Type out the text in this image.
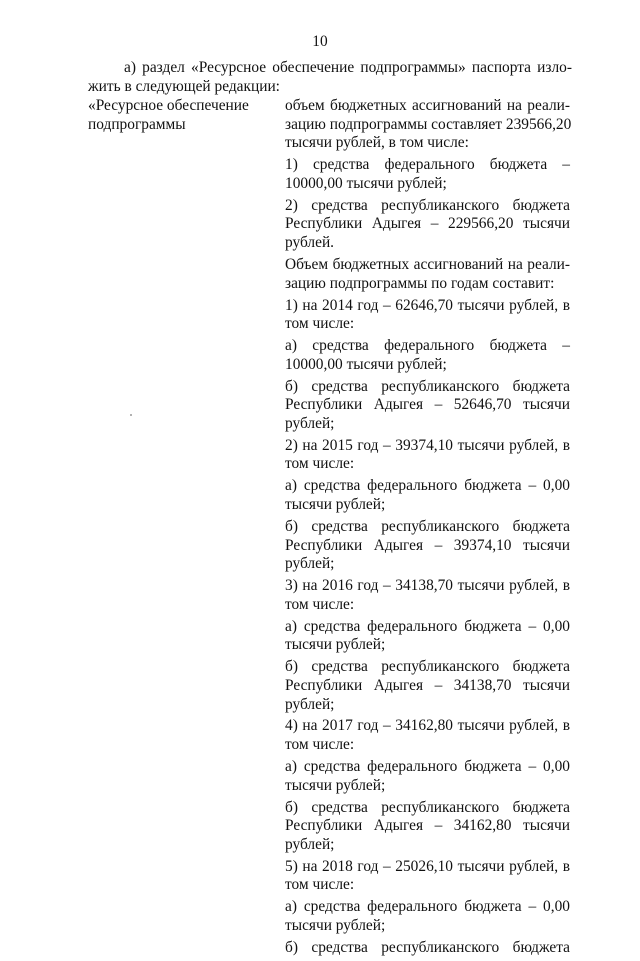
10
а) раздел «Ресурсное обеспечение подпрограммы» паспорта изло-
жить в следующей редакции:
«Ресурсное обеспечение
подпрограммы
объем бюджетных ассигнований на реали-
зацию подпрограммы составляет 239566,20
тысячи рублей, в том числе:
1) средства федерального бюджета –
10000,00 тысячи рублей;
2) средства республиканского бюджета
Республики Адыгея – 229566,20 тысячи
рублей.
Объем бюджетных ассигнований на реали-
зацию подпрограммы по годам составит:
1) на 2014 год – 62646,70 тысячи рублей, в
том числе:
а) средства федерального бюджета –
10000,00 тысячи рублей;
б) средства республиканского бюджета
Республики Адыгея – 52646,70 тысячи
рублей;
2) на 2015 год – 39374,10 тысячи рублей, в
том числе:
а) средства федерального бюджета – 0,00
тысячи рублей;
б) средства республиканского бюджета
Республики Адыгея – 39374,10 тысячи
рублей;
3) на 2016 год – 34138,70 тысячи рублей, в
том числе:
а) средства федерального бюджета – 0,00
тысячи рублей;
б) средства республиканского бюджета
Республики Адыгея – 34138,70 тысячи
рублей;
4) на 2017 год – 34162,80 тысячи рублей, в
том числе:
а) средства федерального бюджета – 0,00
тысячи рублей;
б) средства республиканского бюджета
Республики Адыгея – 34162,80 тысячи
рублей;
5) на 2018 год – 25026,10 тысячи рублей, в
том числе:
а) средства федерального бюджета – 0,00
тысячи рублей;
б) средства республиканского бюджета
